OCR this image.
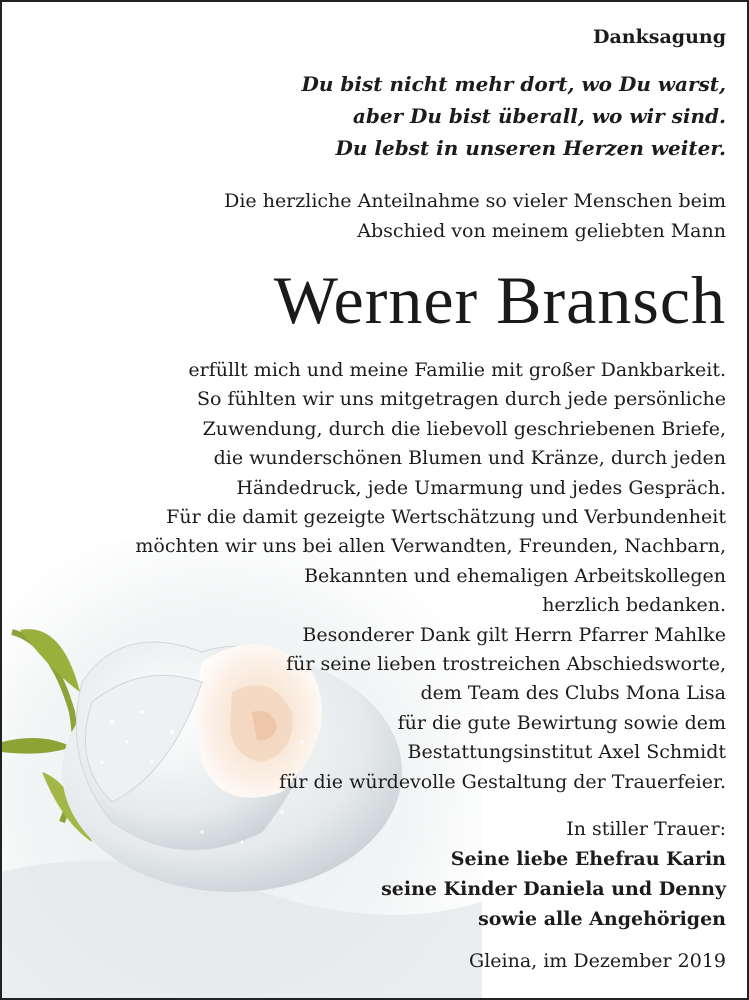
Danksagung
Du bist nicht mehr dort, wo Du warst,
aber Du bist überall, wo wir sind.
Du lebst in unseren Herzen weiter.
Die herzliche Anteilnahme so vieler Menschen beim
Abschied von meinem geliebten Mann
Werner Bransch
erfüllt mich und meine Familie mit großer Dankbarkeit.
So fühlten wir uns mitgetragen durch jede persönliche
Zuwendung, durch die liebevoll geschriebenen Briefe,
die wunderschönen Blumen und Kränze, durch jeden
Händedruck, jede Umarmung und jedes Gespräch.
Für die damit gezeigte Wertschätzung und Verbundenheit
möchten wir uns bei allen Verwandten, Freunden, Nachbarn,
Bekannten und ehemaligen Arbeitskollegen
herzlich bedanken.
Besonderer Dank gilt Herrn Pfarrer Mahlke
für seine lieben trostreichen Abschiedsworte,
dem Team des Clubs Mona Lisa
für die gute Bewirtung sowie dem
Bestattungsinstitut Axel Schmidt
für die würdevolle Gestaltung der Trauerfeier.
In stiller Trauer:
Seine liebe Ehefrau Karin
seine Kinder Daniela und Denny
sowie alle Angehörigen
Gleina, im Dezember 2019
